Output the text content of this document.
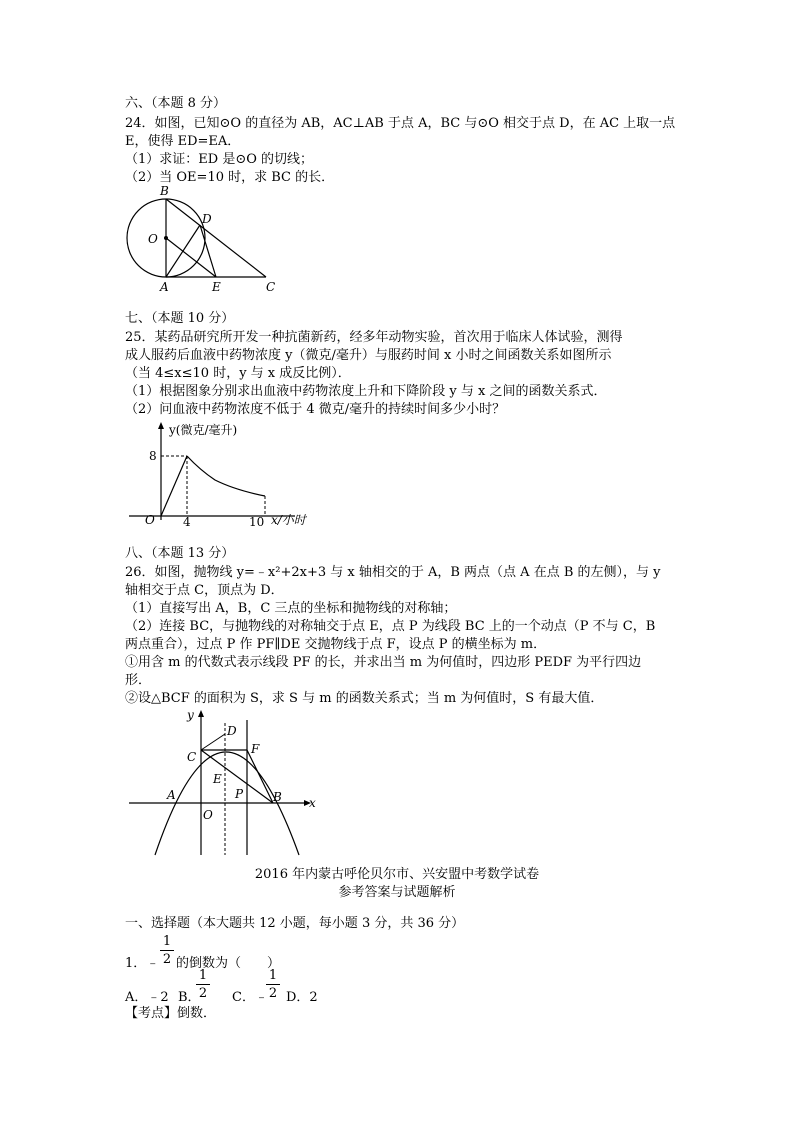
六、（本题 8 分）
24．如图，已知⊙O 的直径为 AB，AC⊥AB 于点 A，BC 与⊙O 相交于点 D，在 AC 上取一点
E，使得 ED=EA．
（1）求证：ED 是⊙O 的切线；
（2）当 OE=10 时，求 BC 的长．
B
O
D
A	E	C
七、（本题 10 分）
25．某药品研究所开发一种抗菌新药，经多年动物实验，首次用于临床人体试验，测得
成人服药后血液中药物浓度 y（微克/毫升）与服药时间 x 小时之间函数关系如图所示
（当 4≤x≤10 时，y 与 x 成反比例）．
（1）根据图象分别求出血液中药物浓度上升和下降阶段 y 与 x 之间的函数关系式．
（2）问血液中药物浓度不低于 4 微克/毫升的持续时间多少小时？
y(微克/毫升)
x/小时
O
8
4	10
八、（本题 13 分）
26．如图，抛物线 y=﹣x²+2x+3 与 x 轴相交的于 A，B 两点（点 A 在点 B 的左侧），与 y
轴相交于点 C，顶点为 D．
（1）直接写出 A，B，C 三点的坐标和抛物线的对称轴；
（2）连接 BC，与抛物线的对称轴交于点 E，点 P 为线段 BC 上的一个动点（P 不与 C，B
两点重合），过点 P 作 PF∥DE 交抛物线于点 F，设点 P 的横坐标为 m．
①用含 m 的代数式表示线段 PF 的长，并求出当 m 为何值时，四边形 PEDF 为平行四边
形．
②设△BCF 的面积为 S，求 S 与 m 的函数关系式；当 m 为何值时，S 有最大值．
y
x
C
D
F
E
P
A	B
O
2016 年内蒙古呼伦贝尔市、兴安盟中考数学试卷
参考答案与试题解析
一、选择题（本大题共 12 小题，每小题 3 分，共 36 分）
1
2
1．﹣ 的倒数为（　　）
A．﹣2 B．
1
2 C．﹣
1
2 D．2
【考点】倒数．
